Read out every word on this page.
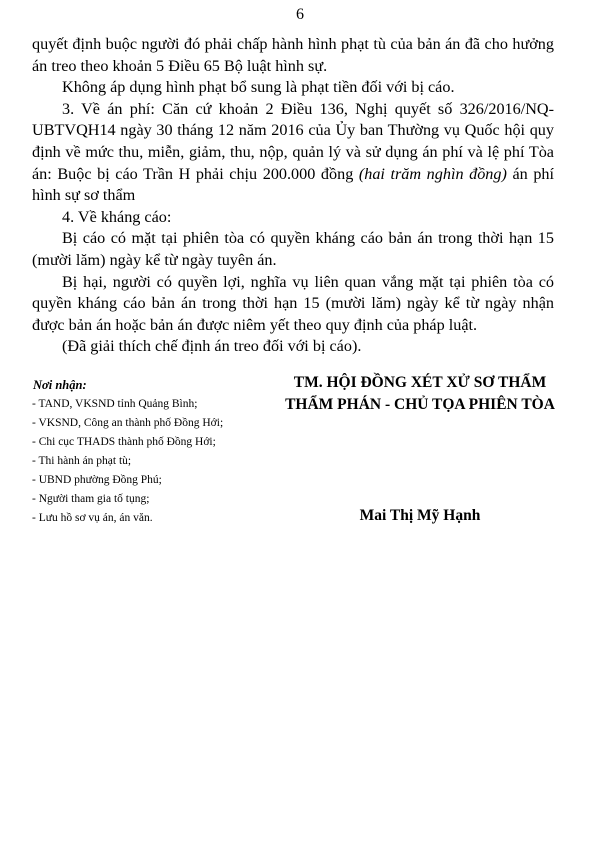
6

quyết định buộc người đó phải chấp hành hình phạt tù của bản án đã cho hưởng án treo theo khoản 5 Điều 65 Bộ luật hình sự.

Không áp dụng hình phạt bổ sung là phạt tiền đối với bị cáo.

3. Về án phí: Căn cứ khoản 2 Điều 136, Nghị quyết số 326/2016/NQ-UBTVQH14 ngày 30 tháng 12 năm 2016 của Ủy ban Thường vụ Quốc hội quy định về mức thu, miễn, giảm, thu, nộp, quản lý và sử dụng án phí và lệ phí Tòa án: Buộc bị cáo Trần H phải chịu 200.000 đồng (hai trăm nghìn đồng) án phí hình sự sơ thẩm

4. Về kháng cáo:

Bị cáo có mặt tại phiên tòa có quyền kháng cáo bản án trong thời hạn 15 (mười lăm) ngày kể từ ngày tuyên án.

Bị hại, người có quyền lợi, nghĩa vụ liên quan vắng mặt tại phiên tòa có quyền kháng cáo bản án trong thời hạn 15 (mười lăm) ngày kể từ ngày nhận được bản án hoặc bản án được niêm yết theo quy định của pháp luật.

(Đã giải thích chế định án treo đối với bị cáo).

Nơi nhận:
- TAND, VKSND tỉnh Quảng Bình;
- VKSND, Công an thành phố Đồng Hới;
- Chi cục THADS thành phố Đồng Hới;
- Thi hành án phạt tù;
- UBND phường Đồng Phú;
- Người tham gia tố tụng;
- Lưu hồ sơ vụ án, án văn.
TM. HỘI ĐỒNG XÉT XỬ SƠ THẨM
THẨM PHÁN - CHỦ TỌA PHIÊN TÒA
Mai Thị Mỹ Hạnh
